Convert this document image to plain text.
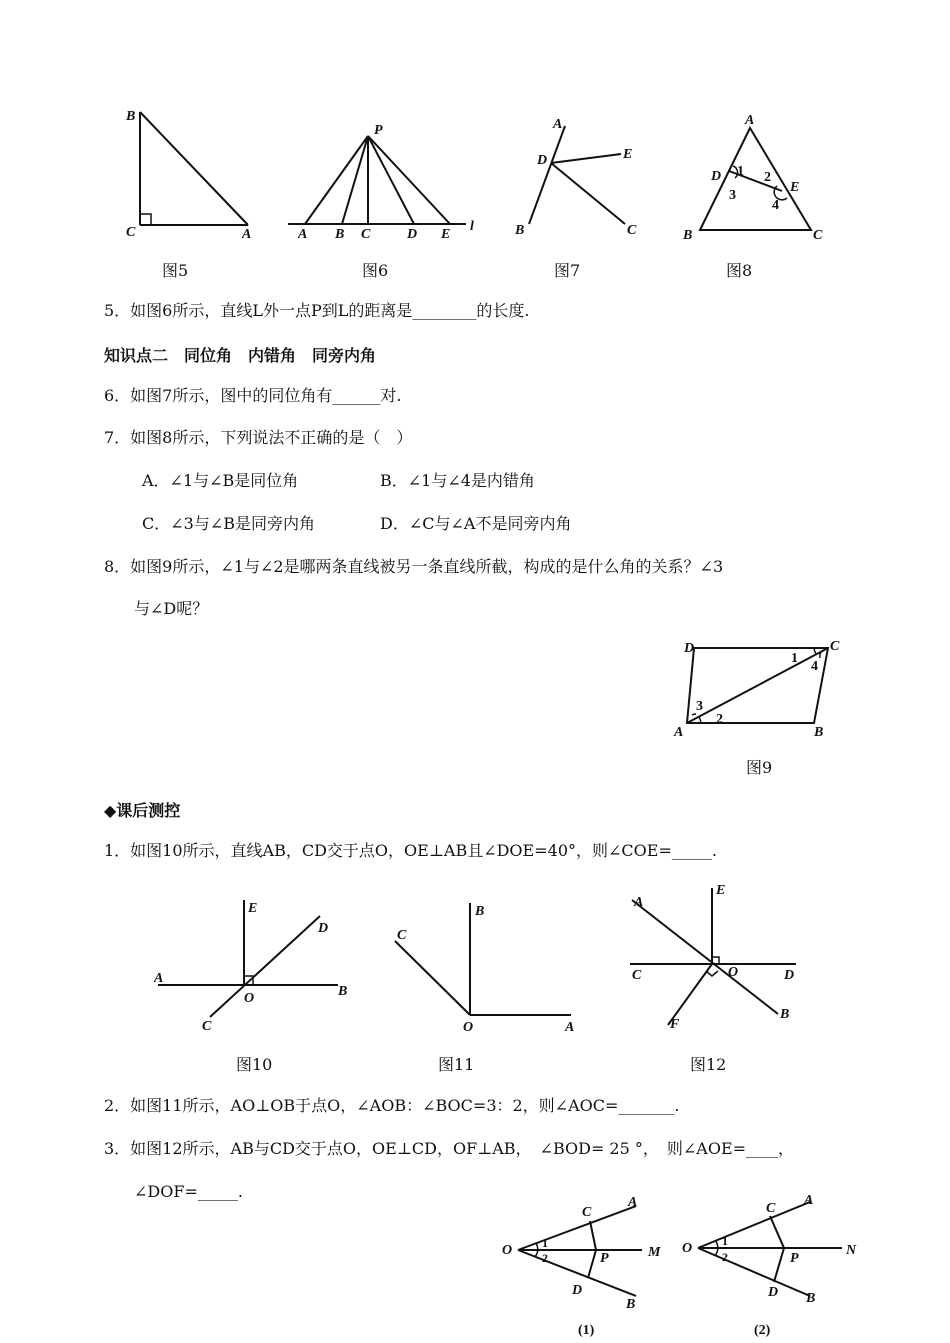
B
C	A
图5
P
A B C	D E
l
图6
A
D	E
B	C
图7
A
D
E
B	C
1 2
3
4
图8
5．如图6所示，直线L外一点P到L的距离是________的长度.
知识点二　同位角　内错角　同旁内角
6．如图7所示，图中的同位角有______对.
7．如图8所示，下列说法不正确的是（　）
A．∠1与∠B是同位角	B．∠1与∠4是内错角
C．∠3与∠B是同旁内角	D．∠C与∠A不是同旁内角
8．如图9所示，∠1与∠2是哪两条直线被另一条直线所截，构成的是什么角的关系？∠3
与∠D呢？
D	C
A	B
1
4
3
2
图9
◆课后测控
1．如图10所示，直线AB，CD交于点O，OE⊥AB且∠DOE=40°，则∠COE=_____.
E
D
A
O	B
C
图10
B
C
O	A
图11
E
A
C	O	D
F
B
图12
2．如图11所示，AO⊥OB于点O，∠AOB：∠BOC=3：2，则∠AOC=_______.
3．如图12所示，AB与CD交于点O，OE⊥CD，OF⊥AB，　∠BOD= 25 °，　则∠AOE=____，
∠DOF=_____.
O
C
A
P	M
D
B
1
2
(1)
O
C
A
P
N
D B
1
2
(2)
